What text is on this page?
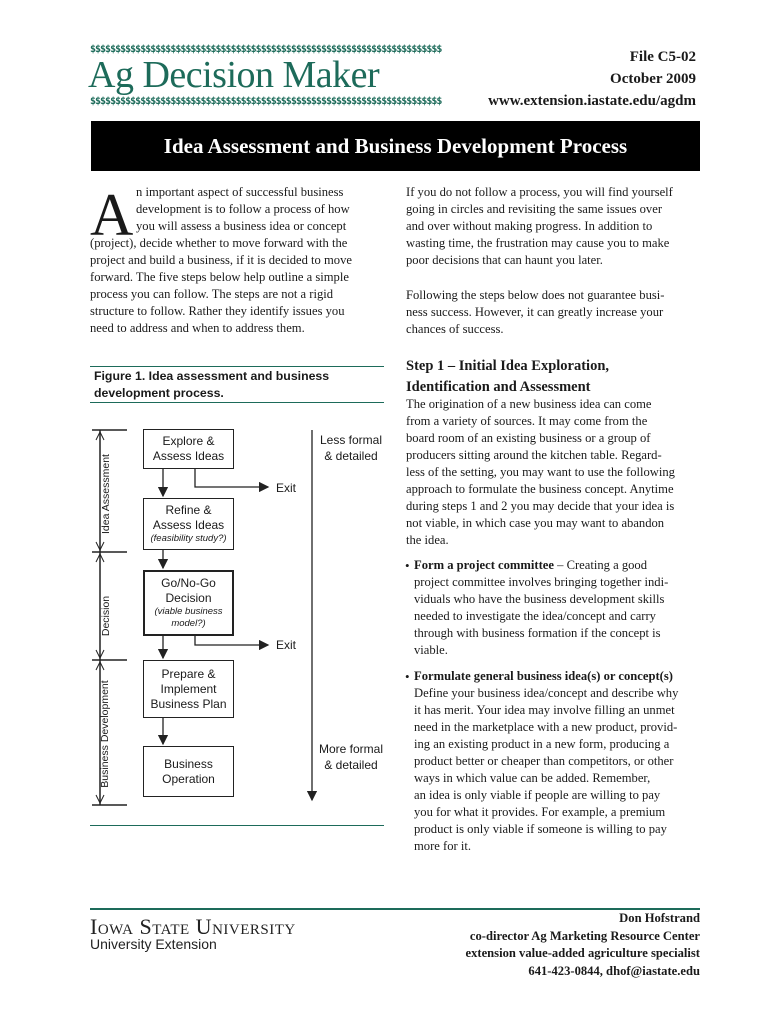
$$$$$$$$$$$$$$$$$$$$$$$$$$$$$$$$$$$$$$$$$$$$$$$$$$$$$$$$$$$$$$$$$$$$$$
Ag Decision Maker
$$$$$$$$$$$$$$$$$$$$$$$$$$$$$$$$$$$$$$$$$$$$$$$$$$$$$$$$$$$$$$$$$$$$$$
File C5-02
October 2009
www.extension.iastate.edu/agdm
Idea Assessment and Business Development Process
A n important aspect of successful business
development is to follow a process of how
you will assess a business idea or concept
(project), decide whether to move forward with the
project and build a business, if it is decided to move
forward. The five steps below help outline a simple
process you can follow. The steps are not a rigid
structure to follow. Rather they identify issues you
need to address and when to address them.
Figure 1. Idea assessment and business
development process.
Explore &
Assess Ideas
Refine &
Assess Ideas
(feasibility study?)
Go/No-Go
Decision
(viable business
model?)
Prepare &
Implement
Business Plan
Business
Operation
Exit
Exit
Less formal
& detailed
More formal
& detailed
Idea Assessment
Decision
Business Development
If you do not follow a process, you will find yourself
going in circles and revisiting the same issues over
and over without making progress. In addition to
wasting time, the frustration may cause you to make
poor decisions that can haunt you later.
Following the steps below does not guarantee busi-
ness success. However, it can greatly increase your
chances of success.
Step 1 – Initial Idea Exploration,
Identification and Assessment
The origination of a new business idea can come
from a variety of sources. It may come from the
board room of an existing business or a group of
producers sitting around the kitchen table. Regard-
less of the setting, you may want to use the following
approach to formulate the business concept. Anytime
during steps 1 and 2 you may decide that your idea is
not viable, in which case you may want to abandon
the idea.
• Form a project committee – Creating a good
project committee involves bringing together indi-
viduals who have the business development skills
needed to investigate the idea/concept and carry
through with business formation if the concept is
viable.
• Formulate general business idea(s) or concept(s)
Define your business idea/concept and describe why
it has merit. Your idea may involve filling an unmet
need in the marketplace with a new product, provid-
ing an existing product in a new form, producing a
product better or cheaper than competitors, or other
ways in which value can be added. Remember,
an idea is only viable if people are willing to pay
you for what it provides. For example, a premium
product is only viable if someone is willing to pay
more for it.
Iowa State University
University Extension
Don Hofstrand
co-director Ag Marketing Resource Center
extension value-added agriculture specialist
641-423-0844, dhof@iastate.edu
